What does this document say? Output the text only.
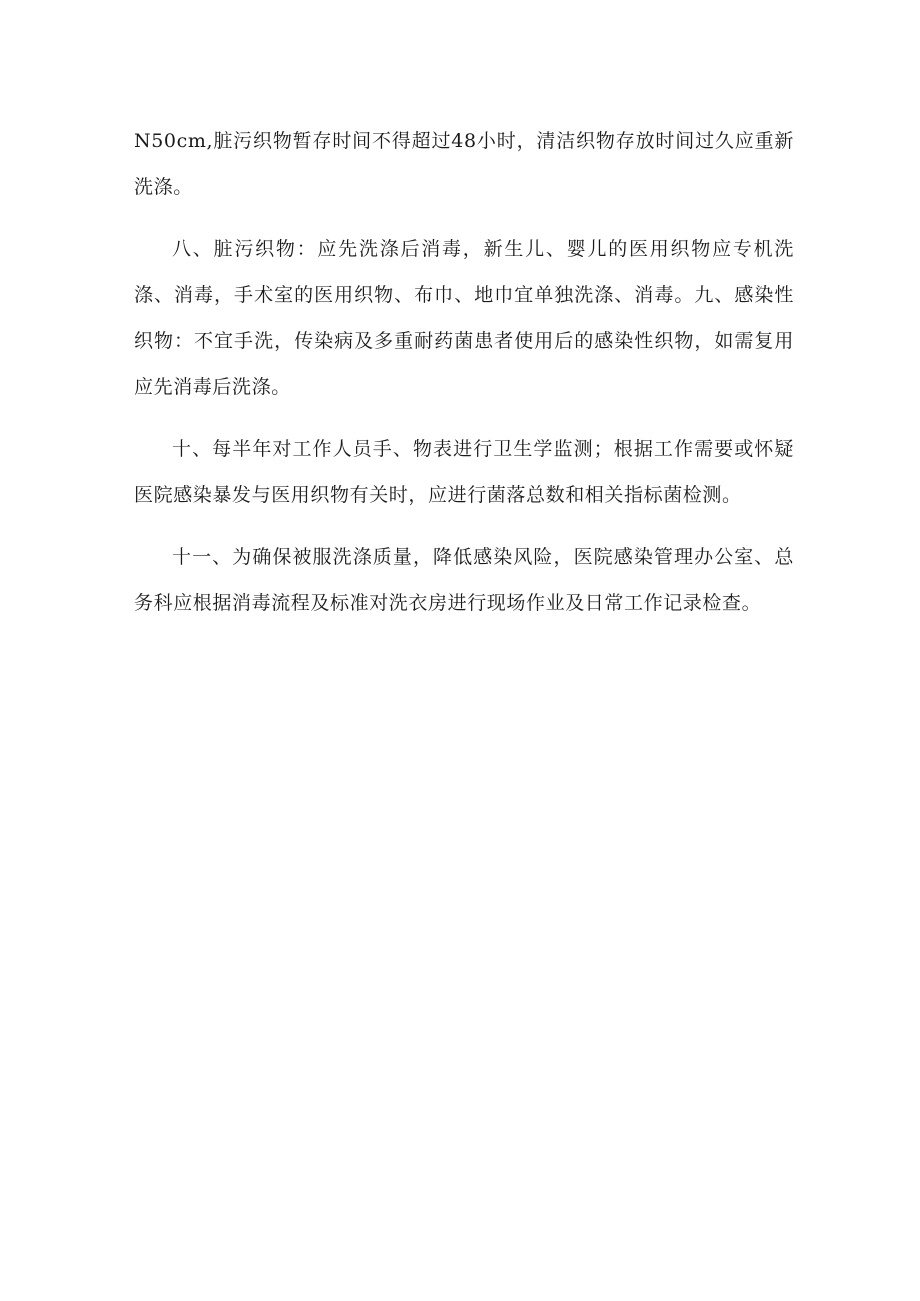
N50cm,脏污织物暂存时间不得超过48小时，清洁织物存放时间过久应重新洗涤。

八、脏污织物：应先洗涤后消毒，新生儿、婴儿的医用织物应专机洗涤、消毒，手术室的医用织物、布巾、地巾宜单独洗涤、消毒。九、感染性织物：不宜手洗，传染病及多重耐药菌患者使用后的感染性织物，如需复用应先消毒后洗涤。

十、每半年对工作人员手、物表进行卫生学监测；根据工作需要或怀疑医院感染暴发与医用织物有关时，应进行菌落总数和相关指标菌检测。

十一、为确保被服洗涤质量，降低感染风险，医院感染管理办公室、总务科应根据消毒流程及标准对洗衣房进行现场作业及日常工作记录检查。
